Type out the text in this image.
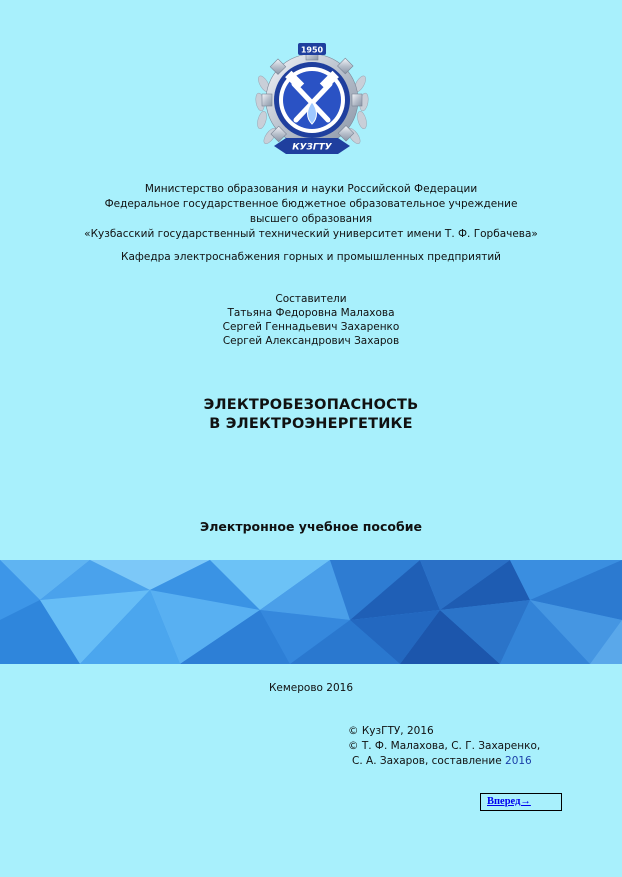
1950
КУЗГТУ
Министерство образования и науки Российской Федерации
Федеральное государственное бюджетное образовательное учреждение
высшего образования
«Кузбасский государственный технический университет имени Т. Ф. Горбачева»
Кафедра электроснабжения горных и промышленных предприятий
Составители
Татьяна Федоровна Малахова
Сергей Геннадьевич Захаренко
Сергей Александрович Захаров
ЭЛЕКТРОБЕЗОПАСНОСТЬ
В ЭЛЕКТРОЭНЕРГЕТИКЕ
Электронное учебное пособие
Кемерово 2016
© КузГТУ, 2016
© Т. Ф. Малахова, С. Г. Захаренко,
С. А. Захаров, составление 2016
Вперед→
